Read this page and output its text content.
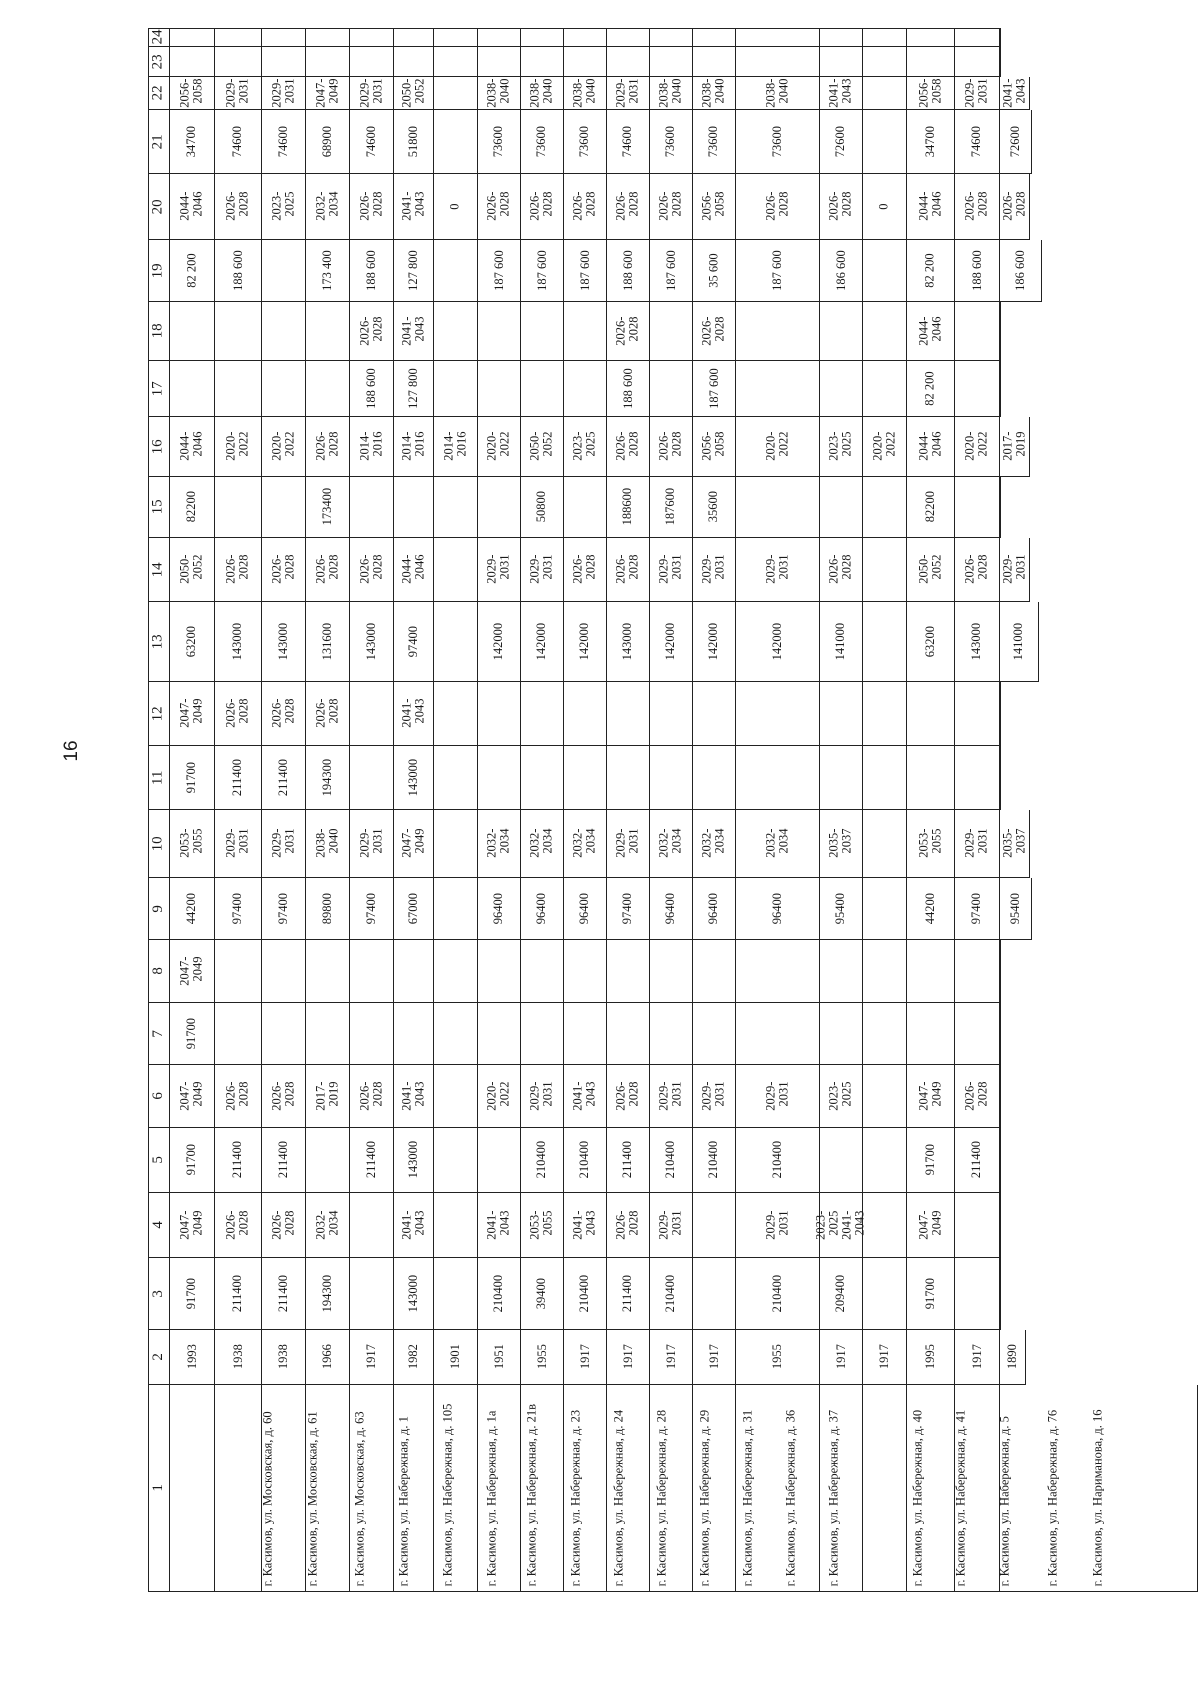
16
1
2
3
4
5
6
7
8
9
10
11
12
13
14
15
16
17
18
19
20
21
22
23
24
г. Касимов, ул. Московская, д. 60
1993
91700
2047-
2049
91700
2047-
2049
91700
2047-
2049
44200
2053-
2055
91700
2047-
2049
63200
2050-
2052
82200
2044-
2046
82 200
2044-
2046
34700
2056-
2058
г. Касимов, ул. Московская, д. 61
1938
211400
2026-
2028
211400
2026-
2028
97400
2029-
2031
211400
2026-
2028
143000
2026-
2028
2020-
2022
188 600
2026-
2028
74600
2029-
2031
г. Касимов, ул. Московская, д. 63
1938
211400
2026-
2028
211400
2026-
2028
97400
2029-
2031
211400
2026-
2028
143000
2026-
2028
2020-
2022
2023-
2025
74600
2029-
2031
г. Касимов, ул. Набережная, д. 1
1966
194300
2032-
2034
2017-
2019
89800
2038-
2040
194300
2026-
2028
131600
2026-
2028
173400
2026-
2028
173 400
2032-
2034
68900
2047-
2049
г. Касимов, ул. Набережная, д. 105
1917
211400
2026-
2028
97400
2029-
2031
143000
2026-
2028
2014-
2016
188 600
2026-
2028
188 600
2026-
2028
74600
2029-
2031
г. Касимов, ул. Набережная, д. 1а
1982
143000
2041-
2043
143000
2041-
2043
67000
2047-
2049
143000
2041-
2043
97400
2044-
2046
2014-
2016
127 800
2041-
2043
127 800
2041-
2043
51800
2050-
2052
г. Касимов, ул. Набережная, д. 21в
1901
2014-
2016
0
г. Касимов, ул. Набережная, д. 23
1951
210400
2041-
2043
2020-
2022
96400
2032-
2034
142000
2029-
2031
2020-
2022
187 600
2026-
2028
73600
2038-
2040
г. Касимов, ул. Набережная, д. 24
1955
39400
2053-
2055
210400
2029-
2031
96400
2032-
2034
142000
2029-
2031
50800
2050-
2052
187 600
2026-
2028
73600
2038-
2040
г. Касимов, ул. Набережная, д. 28
1917
210400
2041-
2043
210400
2041-
2043
96400
2032-
2034
142000
2026-
2028
2023-
2025
187 600
2026-
2028
73600
2038-
2040
г. Касимов, ул. Набережная, д. 29
1917
211400
2026-
2028
211400
2026-
2028
97400
2029-
2031
143000
2026-
2028
188600
2026-
2028
188 600
2026-
2028
188 600
2026-
2028
74600
2029-
2031
г. Касимов, ул. Набережная, д. 31
1917
210400
2029-
2031
210400
2029-
2031
96400
2032-
2034
142000
2029-
2031
187600
2026-
2028
187 600
2026-
2028
73600
2038-
2040
г. Касимов, ул. Набережная, д. 36
1917
210400
2029-
2031
96400
2032-
2034
142000
2029-
2031
35600
2056-
2058
187 600
2026-
2028
35 600
2056-
2058
73600
2038-
2040
г. Касимов, ул. Набережная, д. 37
1955
210400
2029-
2031
210400
2029-
2031
96400
2032-
2034
142000
2029-
2031
2020-
2022
187 600
2026-
2028
73600
2038-
2040
г. Касимов, ул. Набережная, д. 40
1917
209400
2023-
2025
2041-
2043
2023-
2025
95400
2035-
2037
141000
2026-
2028
2023-
2025
186 600
2026-
2028
72600
2041-
2043
г. Касимов, ул. Набережная, д. 41
1917
2020-
2022
0
г. Касимов, ул. Набережная, д. 5
1995
91700
2047-
2049
91700
2047-
2049
44200
2053-
2055
63200
2050-
2052
82200
2044-
2046
82 200
2044-
2046
82 200
2044-
2046
34700
2056-
2058
г. Касимов, ул. Набережная, д. 76
1917
211400
2026-
2028
97400
2029-
2031
143000
2026-
2028
2020-
2022
188 600
2026-
2028
74600
2029-
2031
г. Касимов, ул. Нариманова, д. 16
1890
95400
2035-
2037
141000
2029-
2031
2017-
2019
186 600
2026-
2028
72600
2041-
2043
